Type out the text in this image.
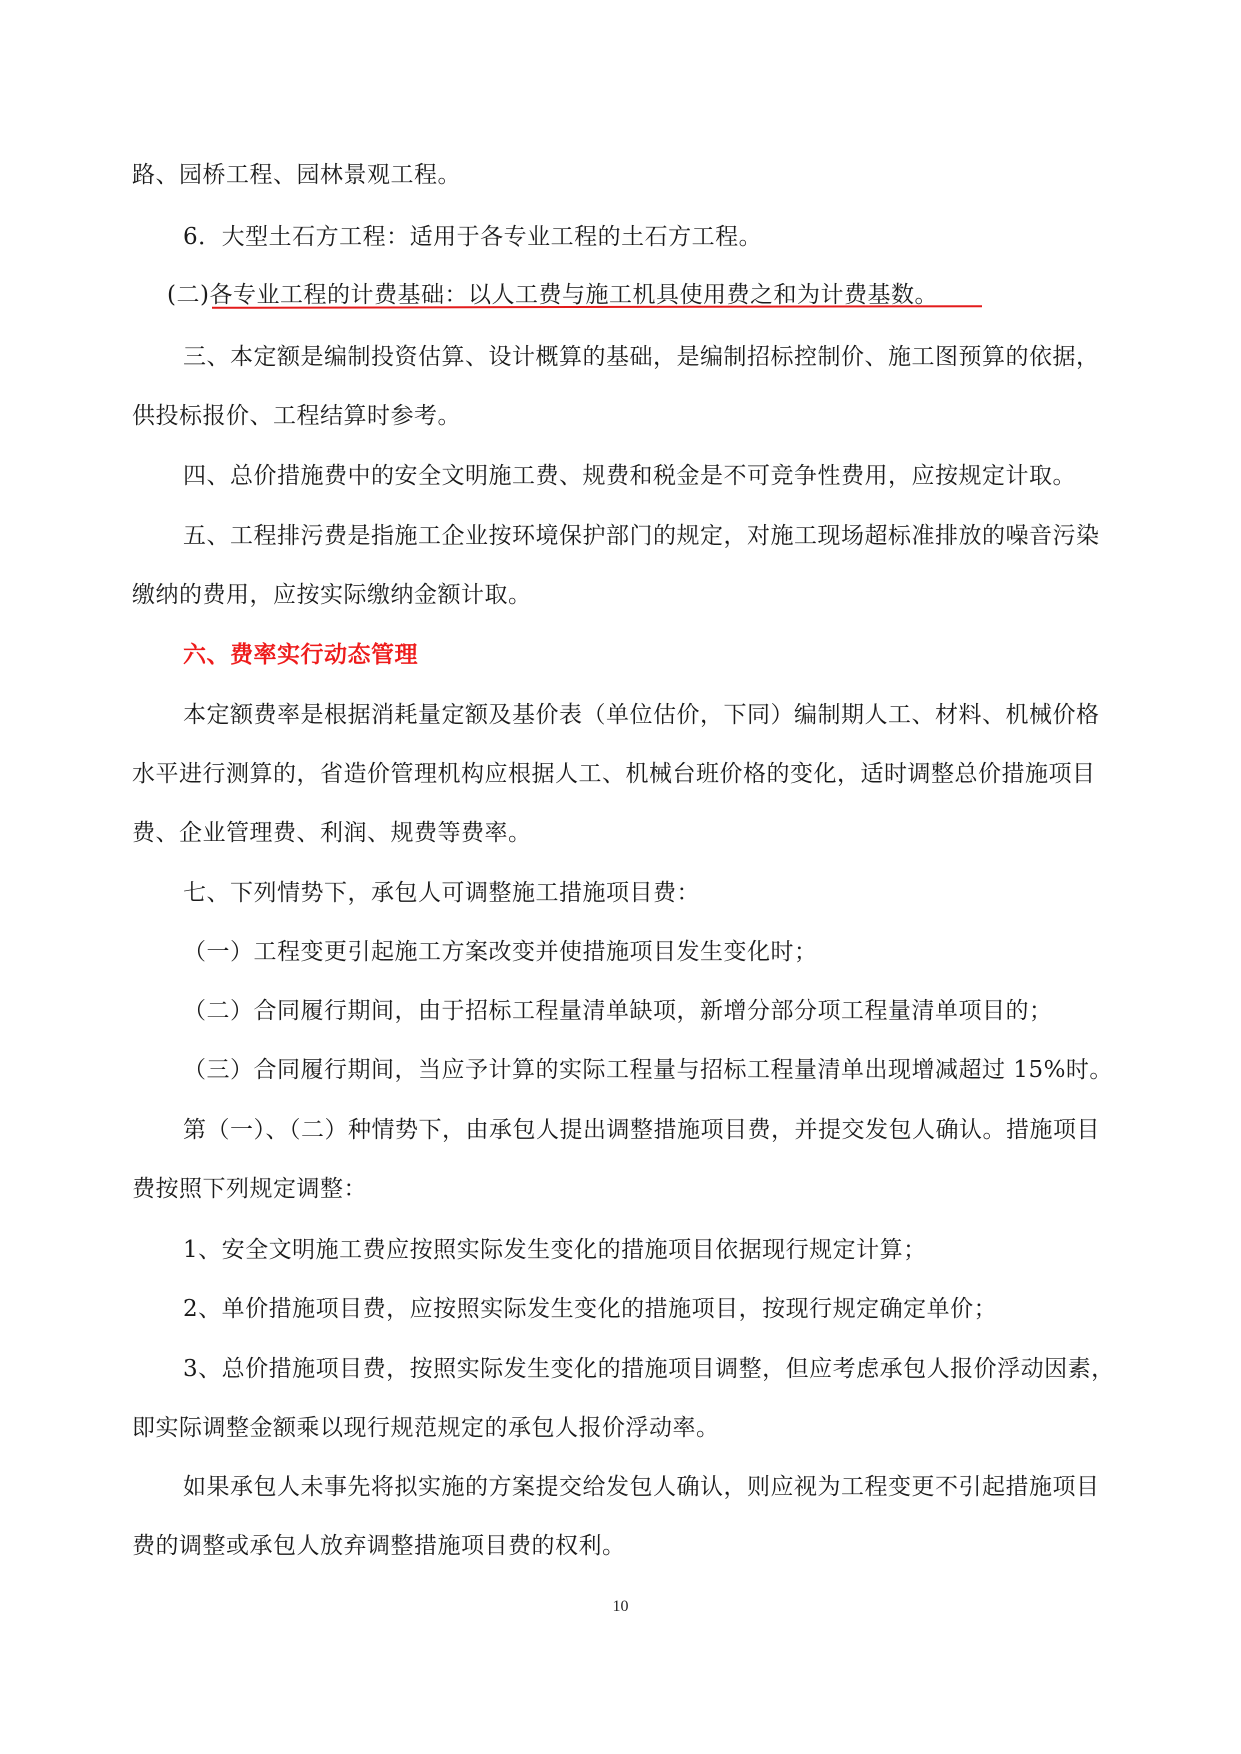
路、园桥工程、园林景观工程。
6．大型土石方工程：适用于各专业工程的土石方工程。
(二)各专业工程的计费基础：以人工费与施工机具使用费之和为计费基数。
三、本定额是编制投资估算、设计概算的基础，是编制招标控制价、施工图预算的依据，
供投标报价、工程结算时参考。
四、总价措施费中的安全文明施工费、规费和税金是不可竞争性费用，应按规定计取。
五、工程排污费是指施工企业按环境保护部门的规定，对施工现场超标准排放的噪音污染
缴纳的费用，应按实际缴纳金额计取。
六、费率实行动态管理
本定额费率是根据消耗量定额及基价表（单位估价，下同）编制期人工、材料、机械价格
水平进行测算的，省造价管理机构应根据人工、机械台班价格的变化，适时调整总价措施项目
费、企业管理费、利润、规费等费率。
七、下列情势下，承包人可调整施工措施项目费：
（一）工程变更引起施工方案改变并使措施项目发生变化时；
（二）合同履行期间，由于招标工程量清单缺项，新增分部分项工程量清单项目的；
（三）合同履行期间，当应予计算的实际工程量与招标工程量清单出现增减超过 15%时。
第（一）、（二）种情势下，由承包人提出调整措施项目费，并提交发包人确认。措施项目
费按照下列规定调整：
1、安全文明施工费应按照实际发生变化的措施项目依据现行规定计算；
2、单价措施项目费，应按照实际发生变化的措施项目，按现行规定确定单价；
3、总价措施项目费，按照实际发生变化的措施项目调整，但应考虑承包人报价浮动因素，
即实际调整金额乘以现行规范规定的承包人报价浮动率。
如果承包人未事先将拟实施的方案提交给发包人确认，则应视为工程变更不引起措施项目
费的调整或承包人放弃调整措施项目费的权利。
10
